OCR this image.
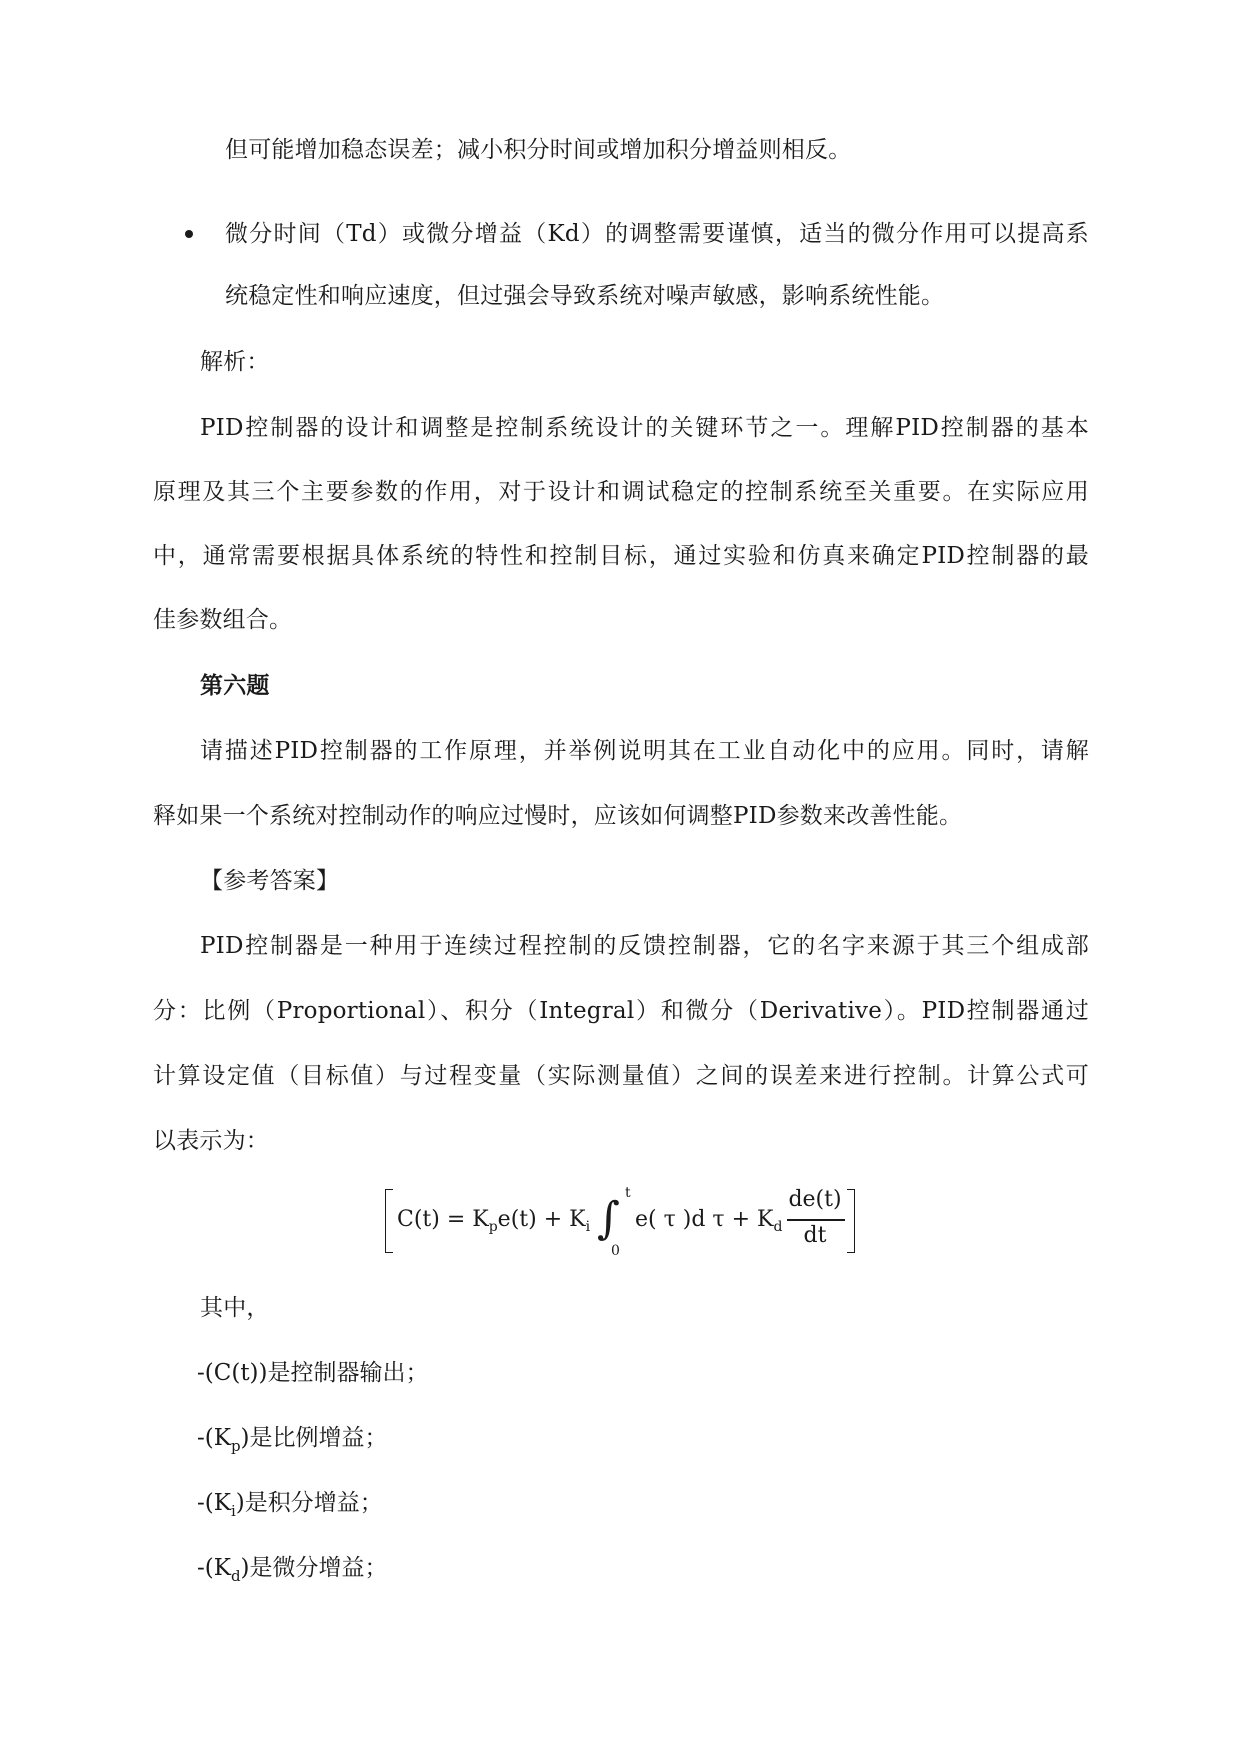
但可能增加稳态误差；减小积分时间或增加积分增益则相反。
微分时间（Td）或微分增益（Kd）的调整需要谨慎，适当的微分作用可以提高系
统稳定性和响应速度，但过强会导致系统对噪声敏感，影响系统性能。
解析：
PID控制器的设计和调整是控制系统设计的关键环节之一。理解PID控制器的基本
原理及其三个主要参数的作用，对于设计和调试稳定的控制系统至关重要。在实际应用
中，通常需要根据具体系统的特性和控制目标，通过实验和仿真来确定PID控制器的最
佳参数组合。
第六题
请描述PID控制器的工作原理，并举例说明其在工业自动化中的应用。同时，请解
释如果一个系统对控制动作的响应过慢时，应该如何调整PID参数来改善性能。
【参考答案】
PID控制器是一种用于连续过程控制的反馈控制器，它的名字来源于其三个组成部
分：比例（Proportional）、积分（Integral）和微分（Derivative）。PID控制器通过
计算设定值（目标值）与过程变量（实际测量值）之间的误差来进行控制。计算公式可
以表示为：
$C(t) = K_pe(t) + K_i$ ∫ t
0
e( τ )d $\tau + K_d$
de(t)
dt
其中，
-(C(t))是控制器输出；
$-(K_p)$是比例增益；
$-(K_i)$是积分增益；
$-(K_d)$是微分增益；
